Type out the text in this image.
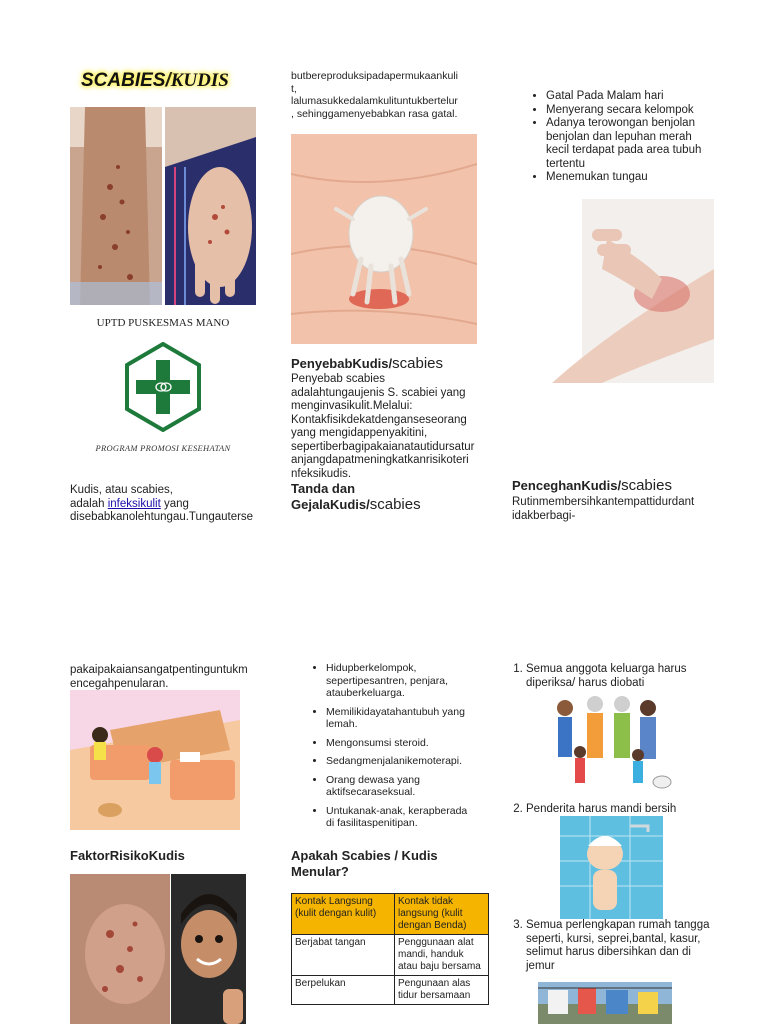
SCABIES/KUDIS
UPTD PUSKESMAS MANO
PROGRAM PROMOSI KESEHATAN
Kudis, atau scabies,
adalah infeksikulit yang
disebabkanolehtungau.Tungauterse
butbereproduksipadapermukaankuli
t,
lalumasukkedalamkulituntukbertelur
, sehinggamenyebabkan rasa gatal.
PenyebabKudis/scabies
Penyebab scabies
adalahtungaujenis S. scabiei yang
menginvasikulit.Melalui:
Kontakfisikdekatdenganseseorang
yang mengidappenyakitini,
sepertiberbagipakaianatautidursatur
anjangdapatmeningkatkanrisikoteri
nfeksikudis.
Tanda dan
GejalaKudis/scabies
• Gatal Pada Malam hari
• Menyerang secara kelompok
• Adanya terowongan benjolan benjolan dan lepuhan merah kecil terdapat pada area tubuh tertentu
• Menemukan tungau
PenceghanKudis/scabies
Rutinmembersihkantempattidurdant
idakberbagi-
pakaipakaiansangatpentinguntukm
encegahpenularan.
FaktorRisikoKudis
• Hidupberkelompok, sepertipesantren, penjara, atauberkeluarga.
• Memilikidayatahantubuh yang lemah.
• Mengonsumsi steroid.
• Sedangmenjalanikemoterapi.
• Orang dewasa yang aktifsecaraseksual.
• Untukanak-anak, kerapberada di fasilitaspenitipan.
Apakah Scabies / Kudis
Menular?
Kontak Langsung (kulit dengan kulit)	Kontak tidak langsung (kulit dengan Benda)
Berjabat tangan	Penggunaan alat mandi, handuk atau baju bersama
Berpelukan	Pengunaan alas tidur bersamaan
1. Semua anggota keluarga harus diperiksa/ harus diobati
2. Penderita harus mandi bersih
3. Semua perlengkapan rumah tangga seperti, kursi, seprei,bantal, kasur, selimut harus dibersihkan dan di jemur
